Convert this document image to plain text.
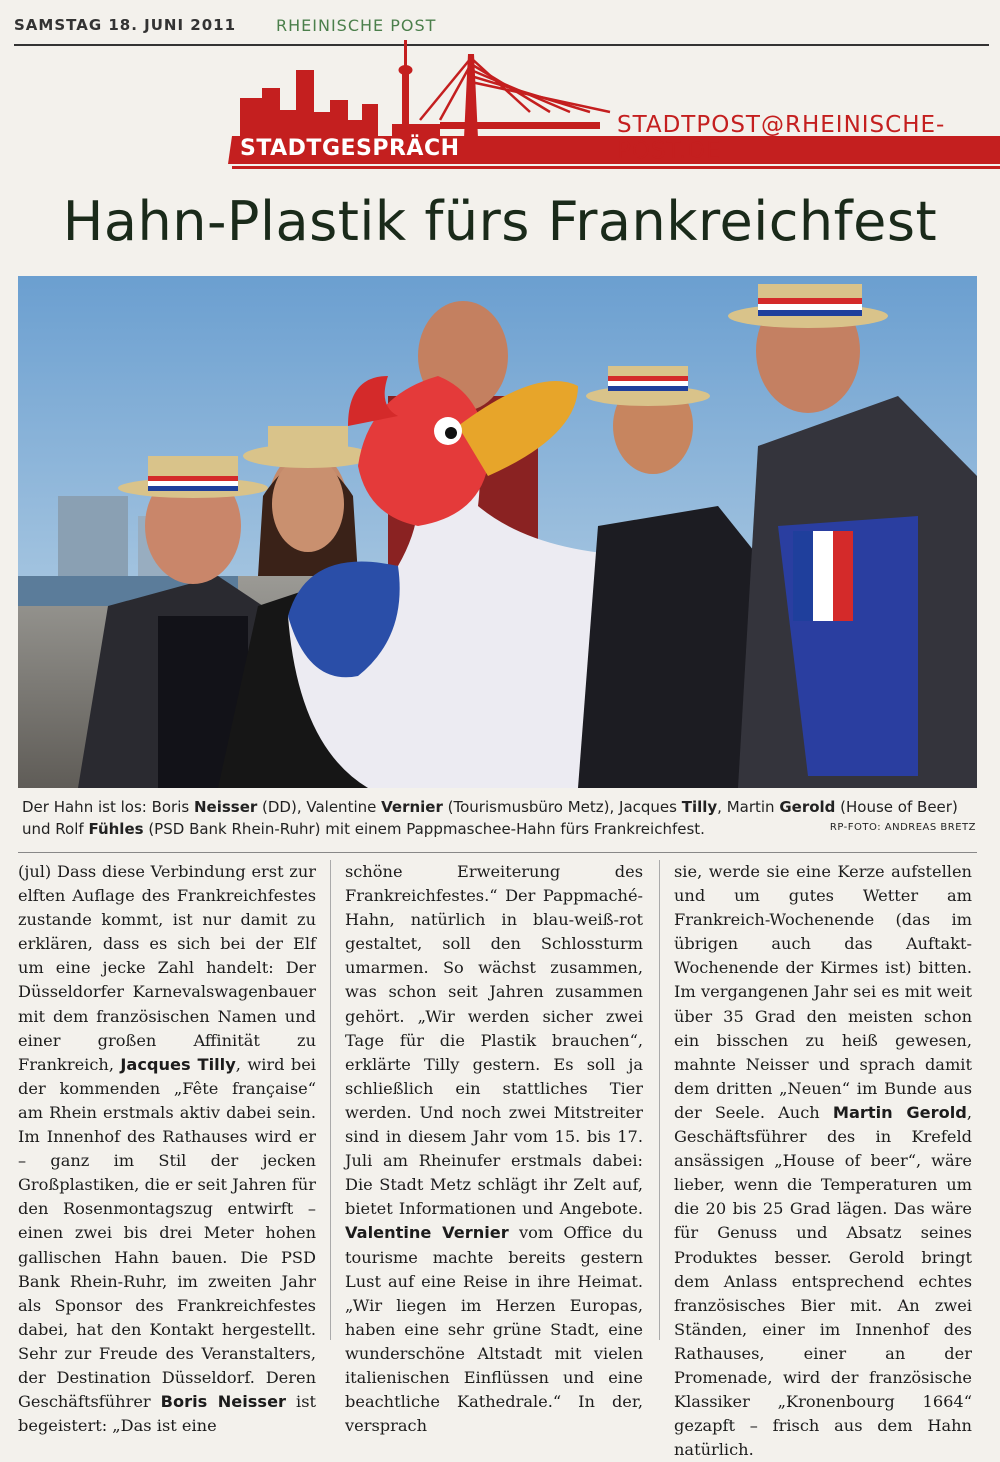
SAMSTAG 18. JUNI 2011 RHEINISCHE POST
STADTGESPRÄCH
STADTPOST@RHEINISCHE-POST.DE
Hahn-Plastik fürs Frankreichfest
Der Hahn ist los: Boris Neisser (DD), Valentine Vernier (Tourismusbüro Metz), Jacques Tilly, Martin Gerold (House of Beer)
und Rolf Fühles (PSD Bank Rhein-Ruhr) mit einem Pappmaschee-Hahn fürs Frankreichfest.	RP-FOTO: ANDREAS BRETZ

(jul) Dass diese Verbindung erst zur elften Auflage des Frankreichfestes zustande kommt, ist nur damit zu erklären, dass es sich bei der Elf um eine jecke Zahl handelt: Der Düsseldorfer Karnevalswagenbauer mit dem französischen Namen und einer großen Affinität zu Frankreich, Jacques Tilly, wird bei der kommenden „Fête française“ am Rhein erstmals aktiv dabei sein. Im Innenhof des Rathauses wird er – ganz im Stil der jecken Großplastiken, die er seit Jahren für den Rosenmontagszug entwirft – einen zwei bis drei Meter hohen gallischen Hahn bauen. Die PSD Bank Rhein-Ruhr, im zweiten Jahr als Sponsor des Frankreichfestes dabei, hat den Kontakt hergestellt. Sehr zur Freude des Veranstalters, der Destination Düsseldorf. Deren Geschäftsführer Boris Neisser ist begeistert: „Das ist eine

schöne Erweiterung des Frankreichfestes.“ Der Pappmaché-Hahn, natürlich in blau-weiß-rot gestaltet, soll den Schlossturm umarmen. So wächst zusammen, was schon seit Jahren zusammen gehört. „Wir werden sicher zwei Tage für die Plastik brauchen“, erklärte Tilly gestern. Es soll ja schließlich ein stattliches Tier werden. Und noch zwei Mitstreiter sind in diesem Jahr vom 15. bis 17. Juli am Rheinufer erstmals dabei: Die Stadt Metz schlägt ihr Zelt auf, bietet Informationen und Angebote. Valentine Vernier vom Office du tourisme machte bereits gestern Lust auf eine Reise in ihre Heimat. „Wir liegen im Herzen Europas, haben eine sehr grüne Stadt, eine wunderschöne Altstadt mit vielen italienischen Einflüssen und eine beachtliche Kathedrale.“ In der, versprach

sie, werde sie eine Kerze aufstellen und um gutes Wetter am Frankreich-Wochenende (das im übrigen auch das Auftakt-Wochenende der Kirmes ist) bitten. Im vergangenen Jahr sei es mit weit über 35 Grad den meisten schon ein bisschen zu heiß gewesen, mahnte Neisser und sprach damit dem dritten „Neuen“ im Bunde aus der Seele. Auch Martin Gerold, Geschäftsführer des in Krefeld ansässigen „House of beer“, wäre lieber, wenn die Temperaturen um die 20 bis 25 Grad lägen. Das wäre für Genuss und Absatz seines Produktes besser. Gerold bringt dem Anlass entsprechend echtes französisches Bier mit. An zwei Ständen, einer im Innenhof des Rathauses, einer an der Promenade, wird der französische Klassiker „Kronenbourg 1664“ gezapft – frisch aus dem Hahn natürlich.
